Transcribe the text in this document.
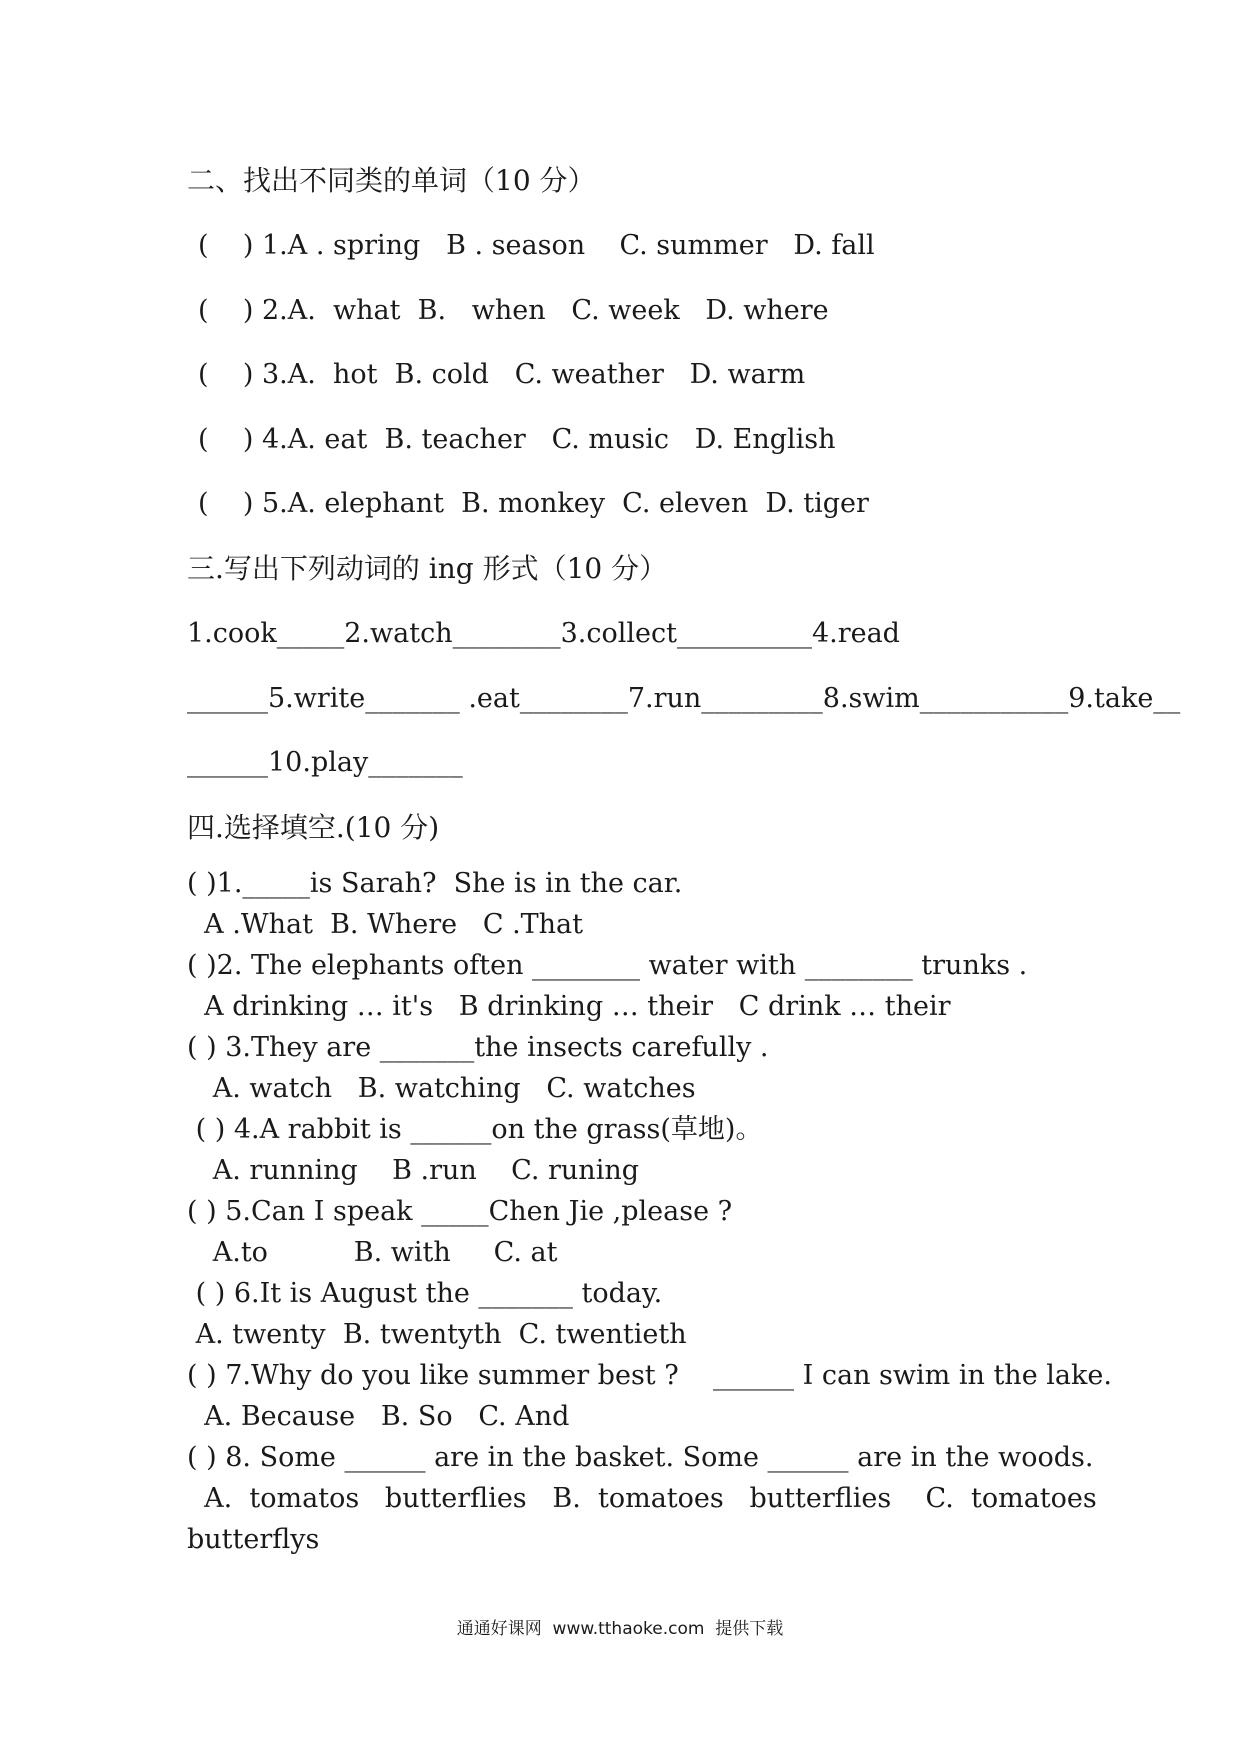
二、找出不同类的单词（10 分）
(    ) 1.A . spring   B . season    C. summer   D. fall
(    ) 2.A.  what  B.   when   C. week   D. where
(    ) 3.A.  hot  B. cold   C. weather   D. warm
(    ) 4.A. eat  B. teacher   C. music   D. English
(    ) 5.A. elephant  B. monkey  C. eleven  D. tiger
三.写出下列动词的 ing 形式（10 分）
1.cook_____2.watch________3.collect__________4.read
______5.write_______ .eat________7.run_________8.swim___________9.take__
______10.play_______
四.选择填空.(10 分)
( )1._____is Sarah?  She is in the car.
A .What  B. Where   C .That
( )2. The elephants often ________ water with ________ trunks .
A drinking … it's   B drinking … their   C drink … their
( ) 3.They are _______the insects carefully .
A. watch   B. watching   C. watches
( ) 4.A rabbit is ______on the grass(草地)。
A. running    B .run    C. runing
( ) 5.Can I speak _____Chen Jie ,please ?
A.to          B. with     C. at
( ) 6.It is August the _______ today.
A. twenty  B. twentyth  C. twentieth
( ) 7.Why do you like summer best ?    ______ I can swim in the lake.
A. Because   B. So   C. And
( ) 8. Some ______ are in the basket. Some ______ are in the woods.
A.  tomatos   butterflies   B.  tomatoes   butterflies    C.  tomatoes
butterflys
通通好课网  www.tthaoke.com  提供下载
